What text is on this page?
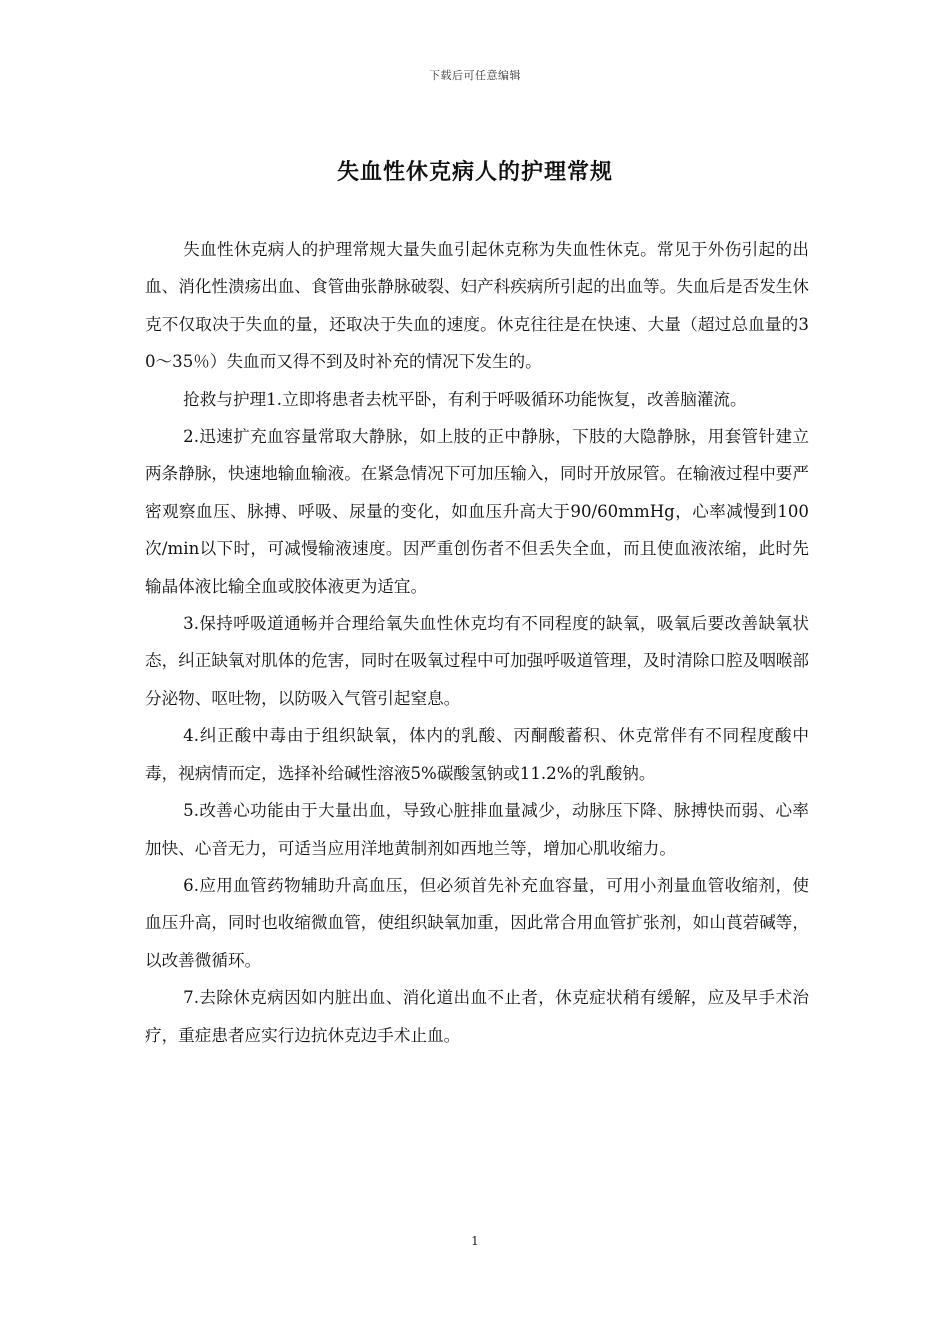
下载后可任意编辑
失血性休克病人的护理常规

失血性休克病人的护理常规大量失血引起休克称为失血性休克。常见于外伤引起的出血、消化性溃疡出血、食管曲张静脉破裂、妇产科疾病所引起的出血等。失血后是否发生休克不仅取决于失血的量，还取决于失血的速度。休克往往是在快速、大量（超过总血量的30～35％）失血而又得不到及时补充的情况下发生的。

抢救与护理1.立即将患者去枕平卧，有利于呼吸循环功能恢复，改善脑灌流。

2.迅速扩充血容量常取大静脉，如上肢的正中静脉，下肢的大隐静脉，用套管针建立两条静脉，快速地输血输液。在紧急情况下可加压输入，同时开放尿管。在输液过程中要严密观察血压、脉搏、呼吸、尿量的变化，如血压升高大于90/60mmHg，心率减慢到100次/min以下时，可减慢输液速度。因严重创伤者不但丢失全血，而且使血液浓缩，此时先输晶体液比输全血或胶体液更为适宜。

3.保持呼吸道通畅并合理给氧失血性休克均有不同程度的缺氧，吸氧后要改善缺氧状态，纠正缺氧对肌体的危害，同时在吸氧过程中可加强呼吸道管理，及时清除口腔及咽喉部分泌物、呕吐物，以防吸入气管引起窒息。

4.纠正酸中毒由于组织缺氧，体内的乳酸、丙酮酸蓄积、休克常伴有不同程度酸中毒，视病情而定，选择补给碱性溶液5%碳酸氢钠或11.2%的乳酸钠。

5.改善心功能由于大量出血，导致心脏排血量减少，动脉压下降、脉搏快而弱、心率加快、心音无力，可适当应用洋地黄制剂如西地兰等，增加心肌收缩力。

6.应用血管药物辅助升高血压，但必须首先补充血容量，可用小剂量血管收缩剂，使血压升高，同时也收缩微血管，使组织缺氧加重，因此常合用血管扩张剂，如山莨菪碱等，以改善微循环。

7.去除休克病因如内脏出血、消化道出血不止者，休克症状稍有缓解，应及早手术治疗，重症患者应实行边抗休克边手术止血。

1
